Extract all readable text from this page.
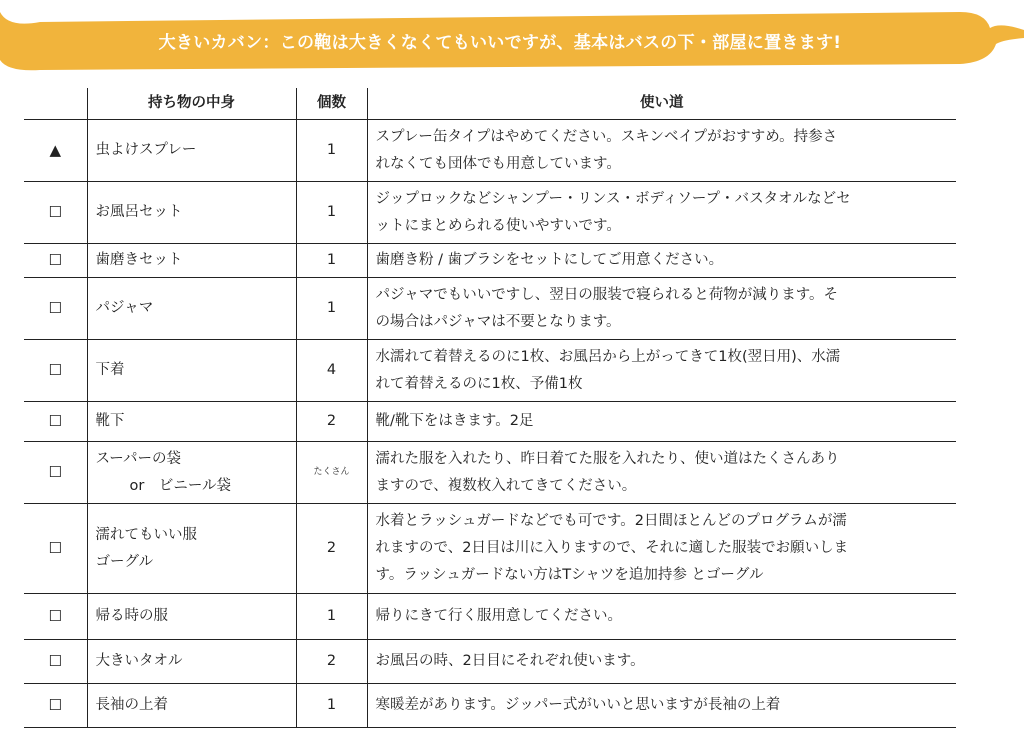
大きいカバン：この鞄は大きくなくてもいいですが、基本はバスの下・部屋に置きます!
	持ち物の中身	個数	使い道
▲	虫よけスプレー	1	スプレー缶タイプはやめてください。スキンベイプがおすすめ。持参さ
れなくても団体でも用意しています。

☐	お風呂セット	1	ジップロックなどシャンプー・リンス・ボディソープ・バスタオルなどセ
ットにまとめられる使いやすいです。

☐	歯磨きセット	1	歯磨き粉 / 歯ブラシをセットにしてご用意ください。

☐	パジャマ	1	パジャマでもいいですし、翌日の服装で寝られると荷物が減ります。そ
の場合はパジャマは不要となります。

☐	下着	4	水濡れて着替えるのに1枚、お風呂から上がってきて1枚(翌日用)、水濡
れて着替えるのに1枚、予備1枚

☐	靴下	2	靴/靴下をはきます。2足

☐	スーパーの袋
or　ビニール袋	たくさん	濡れた服を入れたり、昨日着てた服を入れたり、使い道はたくさんあり
ますので、複数枚入れてきてください。

☐	濡れてもいい服
ゴーグル	2	水着とラッシュガードなどでも可です。2日間ほとんどのプログラムが濡
れますので、2日目は川に入りますので、それに適した服装でお願いしま
す。ラッシュガードない方はTシャツを追加持参 とゴーグル

☐	帰る時の服	1	帰りにきて行く服用意してください。

☐	大きいタオル	2	お風呂の時、2日目にそれぞれ使います。

☐	長袖の上着	1	寒暖差があります。ジッパー式がいいと思いますが長袖の上着
